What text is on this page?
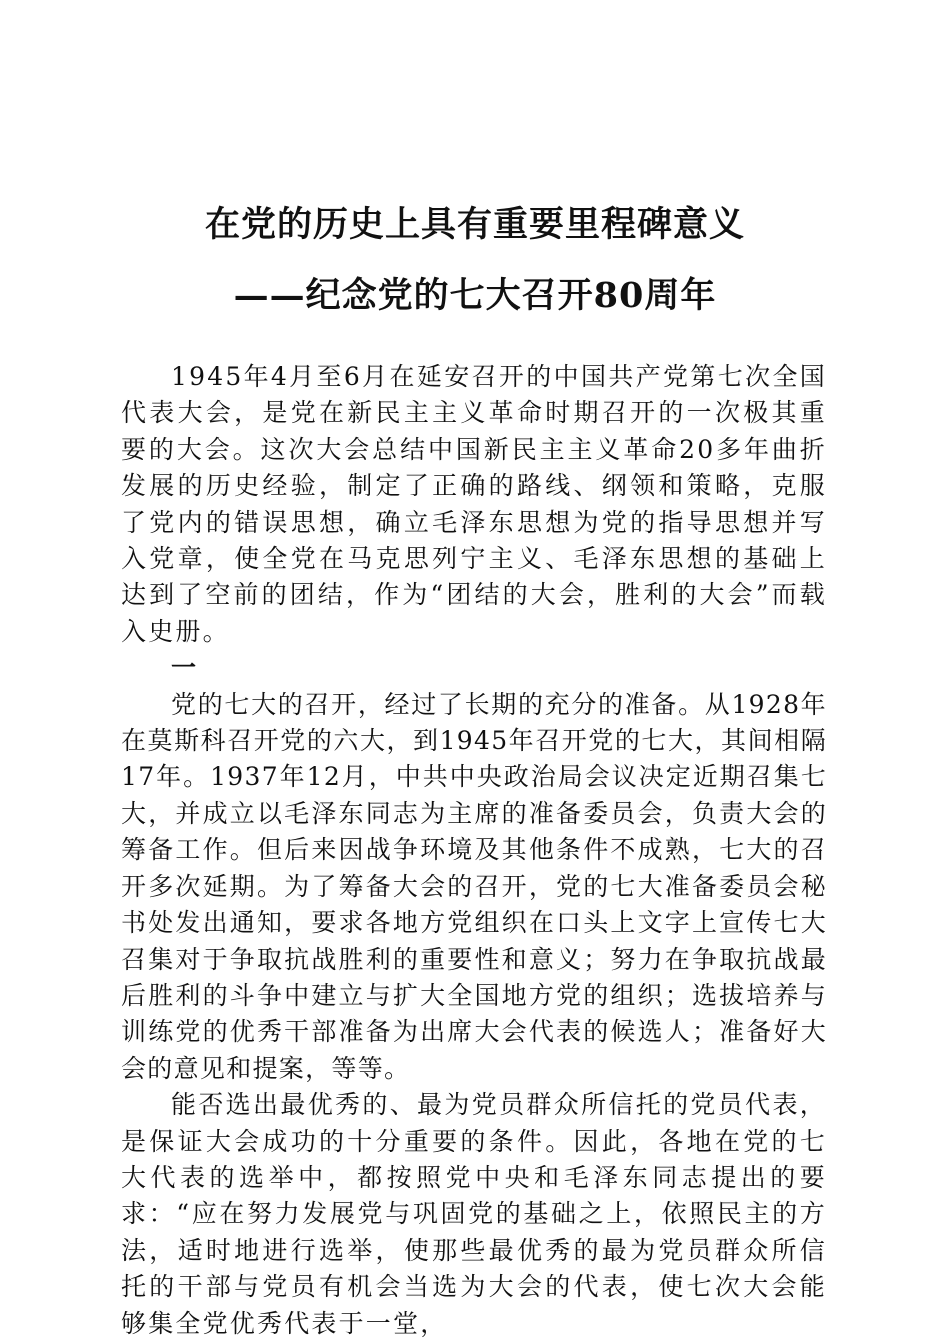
在党的历史上具有重要里程碑意义
——纪念党的七大召开80周年

1945年4月至6月在延安召开的中国共产党第七次全国代表大会，是党在新民主主义革命时期召开的一次极其重要的大会。这次大会总结中国新民主主义革命20多年曲折发展的历史经验，制定了正确的路线、纲领和策略，克服了党内的错误思想，确立毛泽东思想为党的指导思想并写入党章，使全党在马克思列宁主义、毛泽东思想的基础上达到了空前的团结，作为“团结的大会，胜利的大会”而载入史册。

一

党的七大的召开，经过了长期的充分的准备。从1928年在莫斯科召开党的六大，到1945年召开党的七大，其间相隔17年。1937年12月，中共中央政治局会议决定近期召集七大，并成立以毛泽东同志为主席的准备委员会，负责大会的筹备工作。但后来因战争环境及其他条件不成熟，七大的召开多次延期。为了筹备大会的召开，党的七大准备委员会秘书处发出通知，要求各地方党组织在口头上文字上宣传七大召集对于争取抗战胜利的重要性和意义；努力在争取抗战最后胜利的斗争中建立与扩大全国地方党的组织；选拔培养与训练党的优秀干部准备为出席大会代表的候选人；准备好大会的意见和提案，等等。

能否选出最优秀的、最为党员群众所信托的党员代表，是保证大会成功的十分重要的条件。因此，各地在党的七大代表的选举中，都按照党中央和毛泽东同志提出的要求：“应在努力发展党与巩固党的基础之上，依照民主的方法，适时地进行选举，使那些最优秀的最为党员群众所信托的干部与党员有机会当选为大会的代表，使七次大会能够集全党优秀代表于一堂，
